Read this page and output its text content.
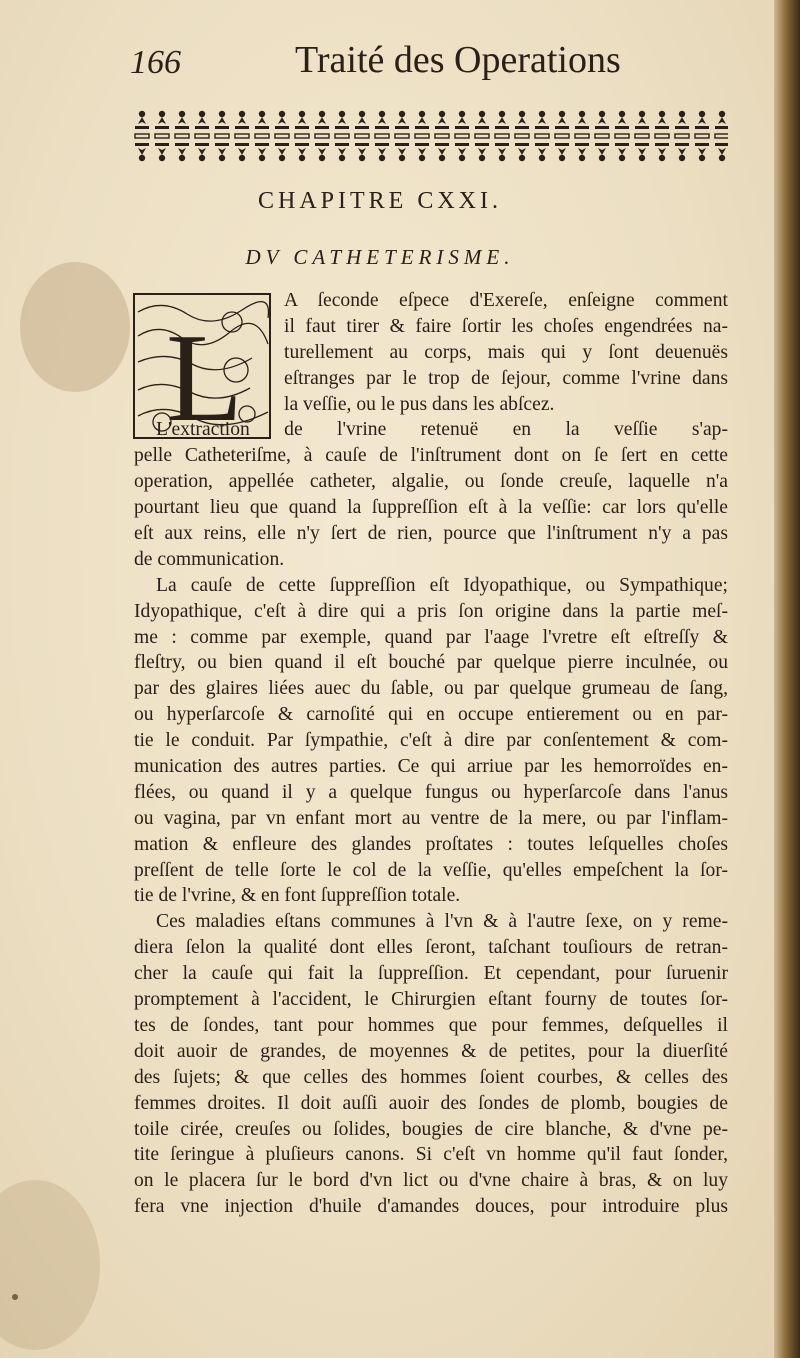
166	Traité des Operations
CHAPITRE CXXI.
DV CATHETERISME.
L
A ſeconde eſpece d'Exereſe, enſeigne comment
il faut tirer & faire ſortir les choſes engendrées na-
turellement au corps, mais qui y ſont deuenuës
eſtranges par le trop de ſejour, comme l'vrine dans
la veſſie, ou le pus dans les abſcez.
L'extraction de l'vrine retenuë en la veſſie s'ap-
pelle Catheteriſme, à cauſe de l'inſtrument dont on ſe ſert en cette
operation, appellée catheter, algalie, ou ſonde creuſe, laquelle n'a
pourtant lieu que quand la ſuppreſſion eſt à la veſſie: car lors qu'elle
eſt aux reins, elle n'y ſert de rien, pource que l'inſtrument n'y a pas
de communication.
La cauſe de cette ſuppreſſion eſt Idyopathique, ou Sympathique;
Idyopathique, c'eſt à dire qui a pris ſon origine dans la partie meſ-
me : comme par exemple, quand par l'aage l'vretre eſt eſtreſſy &
fleſtry, ou bien quand il eſt bouché par quelque pierre inculnée, ou
par des glaires liées auec du ſable, ou par quelque grumeau de ſang,
ou hyperſarcoſe & carnoſité qui en occupe entierement ou en par-
tie le conduit. Par ſympathie, c'eſt à dire par conſentement & com-
munication des autres parties. Ce qui arriue par les hemorroïdes en-
flées, ou quand il y a quelque fungus ou hyperſarcoſe dans l'anus
ou vagina, par vn enfant mort au ventre de la mere, ou par l'inflam-
mation & enfleure des glandes proſtates : toutes leſquelles choſes
preſſent de telle ſorte le col de la veſſie, qu'elles empeſchent la ſor-
tie de l'vrine, & en font ſuppreſſion totale.
Ces maladies eſtans communes à l'vn & à l'autre ſexe, on y reme-
diera ſelon la qualité dont elles ſeront, taſchant touſiours de retran-
cher la cauſe qui fait la ſuppreſſion. Et cependant, pour ſuruenir
promptement à l'accident, le Chirurgien eſtant fourny de toutes ſor-
tes de ſondes, tant pour hommes que pour femmes, deſquelles il
doit auoir de grandes, de moyennes & de petites, pour la diuerſité
des ſujets; & que celles des hommes ſoient courbes, & celles des
femmes droites. Il doit auſſi auoir des ſondes de plomb, bougies de
toile cirée, creuſes ou ſolides, bougies de cire blanche, & d'vne pe-
tite ſeringue à pluſieurs canons. Si c'eſt vn homme qu'il faut ſonder,
on le placera ſur le bord d'vn lict ou d'vne chaire à bras, & on luy
fera vne injection d'huile d'amandes douces, pour introduire plus
